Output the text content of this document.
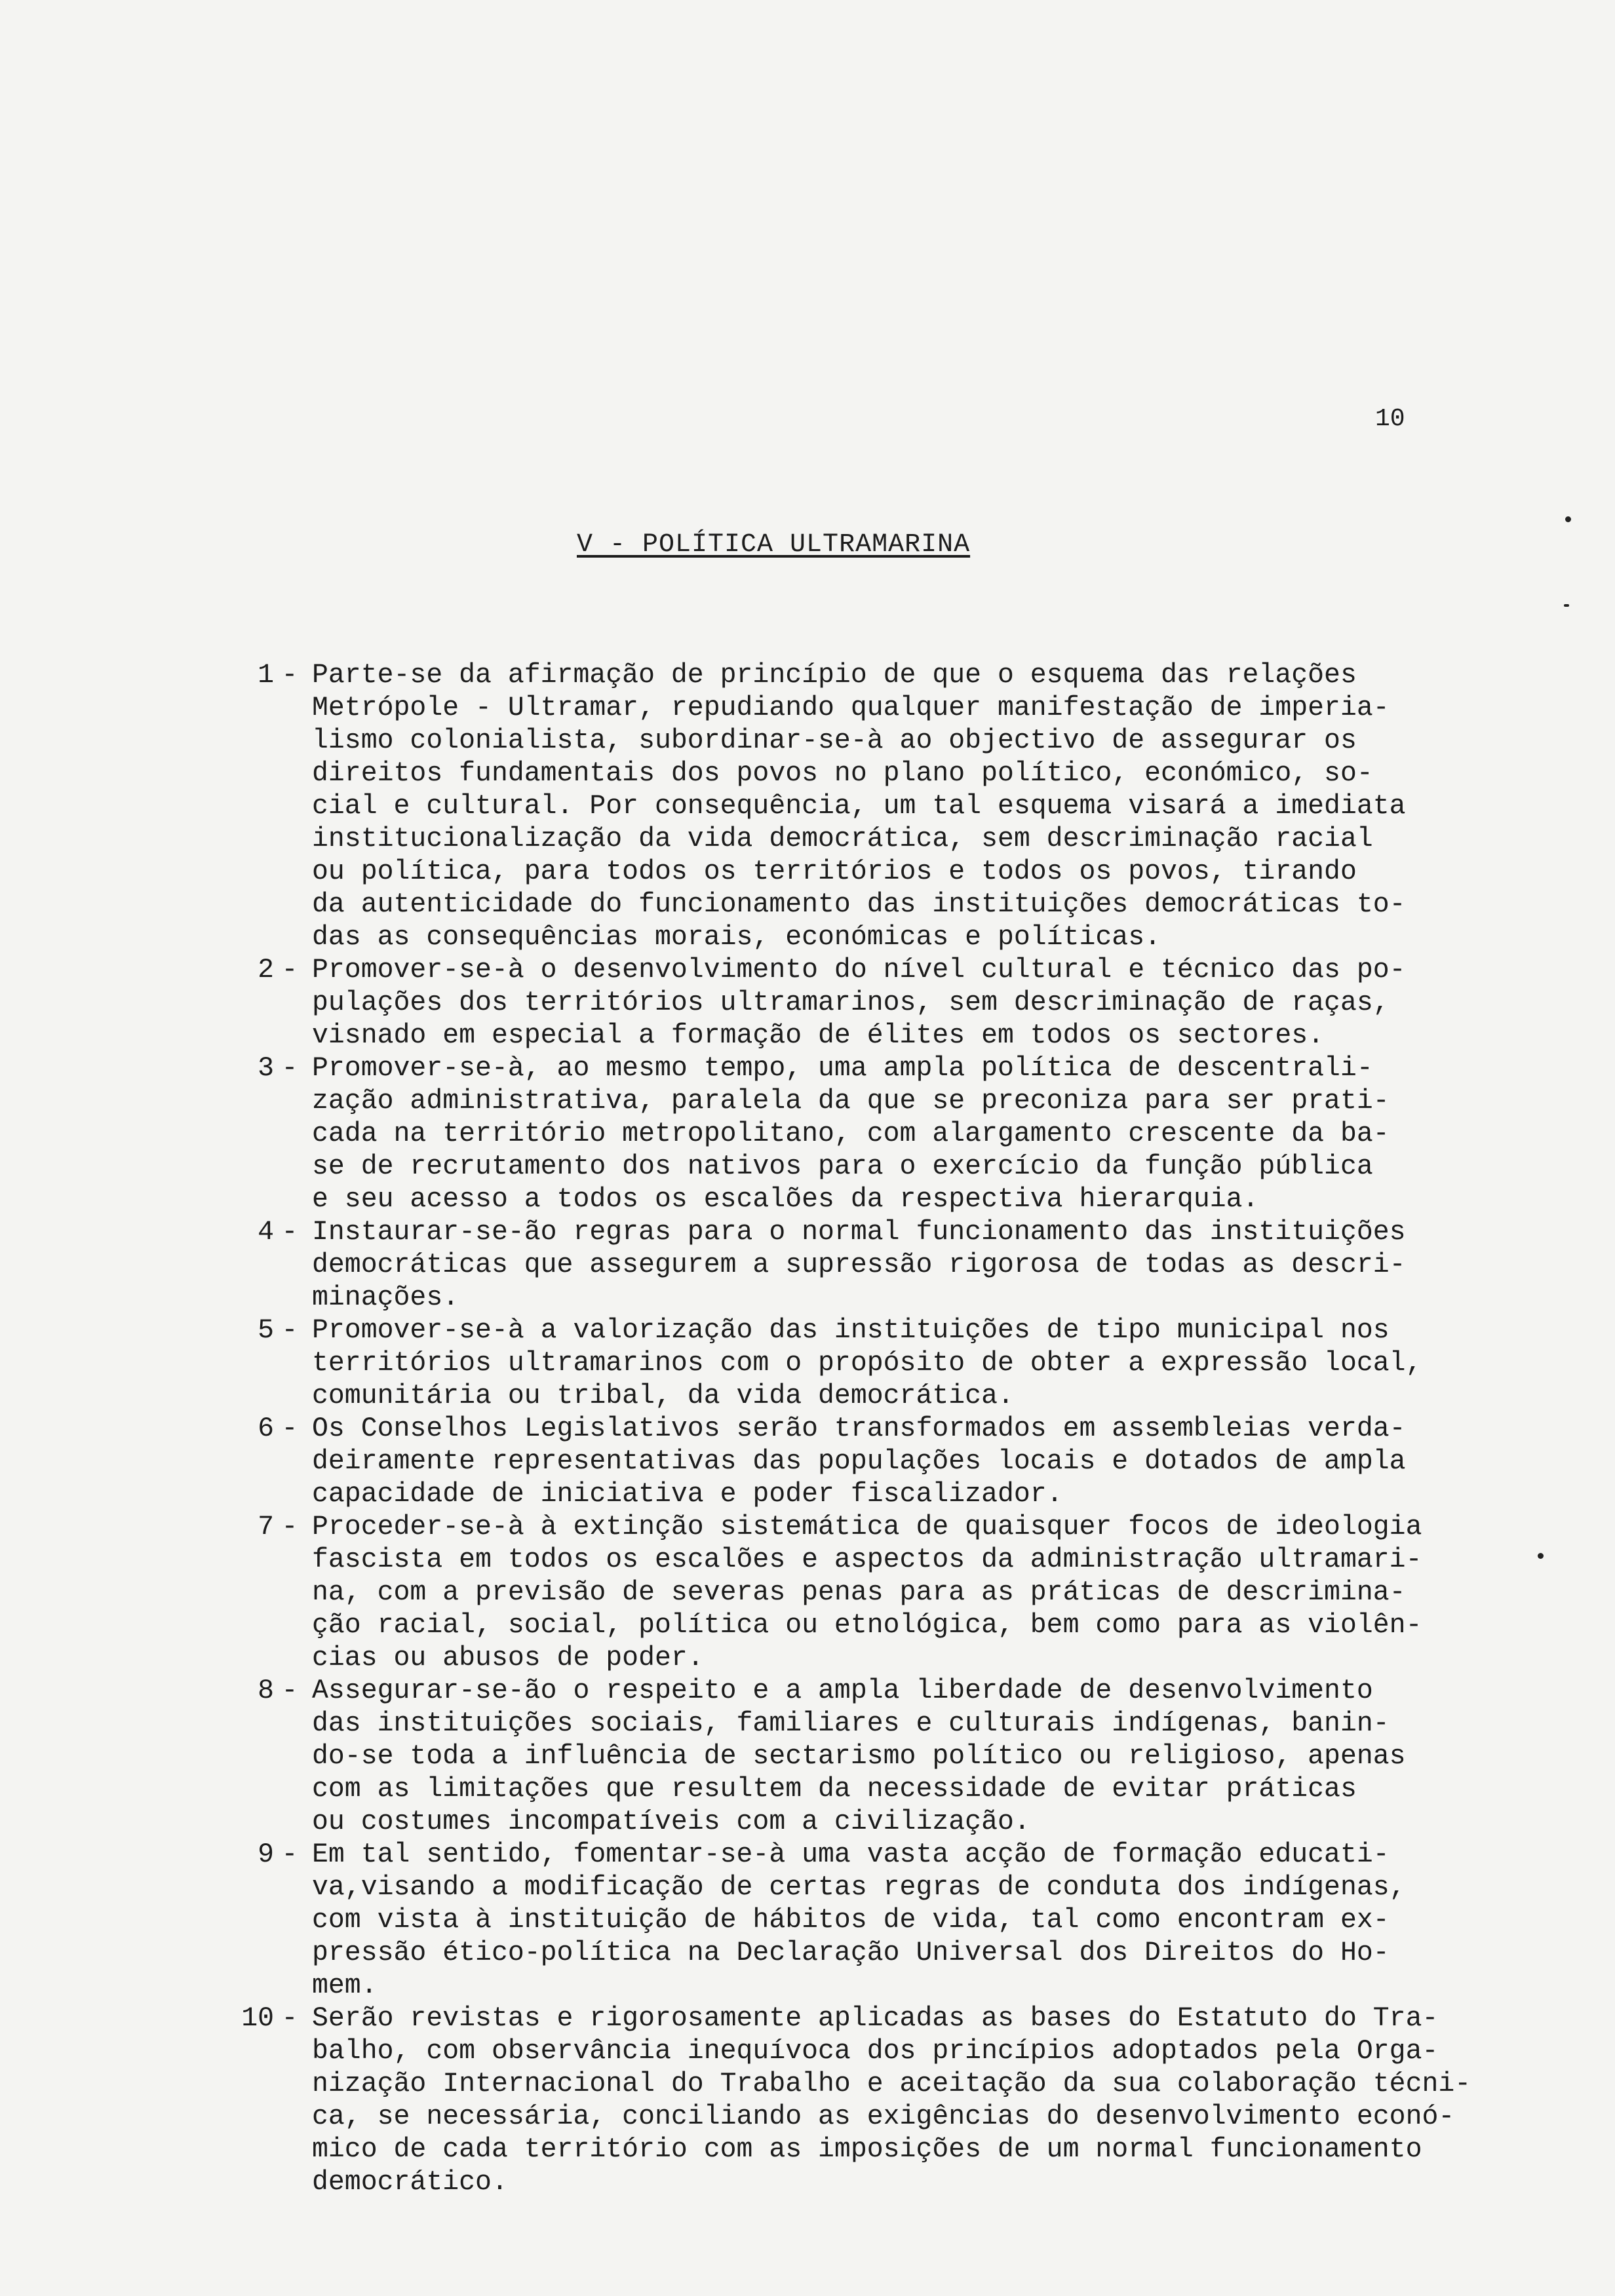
10
V - POLÍTICA ULTRAMARINA
1 - Parte-se da afirmação de princípio de que o esquema das relações
Metrópole - Ultramar, repudiando qualquer manifestação de imperia-
lismo colonialista, subordinar-se-à ao objectivo de assegurar os
direitos fundamentais dos povos no plano político, económico, so-
cial e cultural. Por consequência, um tal esquema visará a imediata
institucionalização da vida democrática, sem descriminação racial
ou política, para todos os territórios e todos os povos, tirando
da autenticidade do funcionamento das instituições democráticas to-
das as consequências morais, económicas e políticas.
2 - Promover-se-à o desenvolvimento do nível cultural e técnico das po-
pulações dos territórios ultramarinos, sem descriminação de raças,
visnado em especial a formação de élites em todos os sectores.
3 - Promover-se-à, ao mesmo tempo, uma ampla política de descentrali-
zação administrativa, paralela da que se preconiza para ser prati-
cada na território metropolitano, com alargamento crescente da ba-
se de recrutamento dos nativos para o exercício da função pública
e seu acesso a todos os escalões da respectiva hierarquia.
4 - Instaurar-se-ão regras para o normal funcionamento das instituições
democráticas que assegurem a supressão rigorosa de todas as descri-
minações.
5 - Promover-se-à a valorização das instituições de tipo municipal nos
territórios ultramarinos com o propósito de obter a expressão local,
comunitária ou tribal, da vida democrática.
6 - Os Conselhos Legislativos serão transformados em assembleias verda-
deiramente representativas das populações locais e dotados de ampla
capacidade de iniciativa e poder fiscalizador.
7 - Proceder-se-à à extinção sistemática de quaisquer focos de ideologia
fascista em todos os escalões e aspectos da administração ultramari-
na, com a previsão de severas penas para as práticas de descrimina-
ção racial, social, política ou etnológica, bem como para as violên-
cias ou abusos de poder.
8 - Assegurar-se-ão o respeito e a ampla liberdade de desenvolvimento
das instituições sociais, familiares e culturais indígenas, banin-
do-se toda a influência de sectarismo político ou religioso, apenas
com as limitações que resultem da necessidade de evitar práticas
ou costumes incompatíveis com a civilização.
9 - Em tal sentido, fomentar-se-à uma vasta acção de formação educati-
va,visando a modificação de certas regras de conduta dos indígenas,
com vista à instituição de hábitos de vida, tal como encontram ex-
pressão ético-política na Declaração Universal dos Direitos do Ho-
mem.
10 - Serão revistas e rigorosamente aplicadas as bases do Estatuto do Tra-
balho, com observância inequívoca dos princípios adoptados pela Orga-
nização Internacional do Trabalho e aceitação da sua colaboração técni-
ca, se necessária, conciliando as exigências do desenvolvimento econó-
mico de cada território com as imposições de um normal funcionamento
democrático.
